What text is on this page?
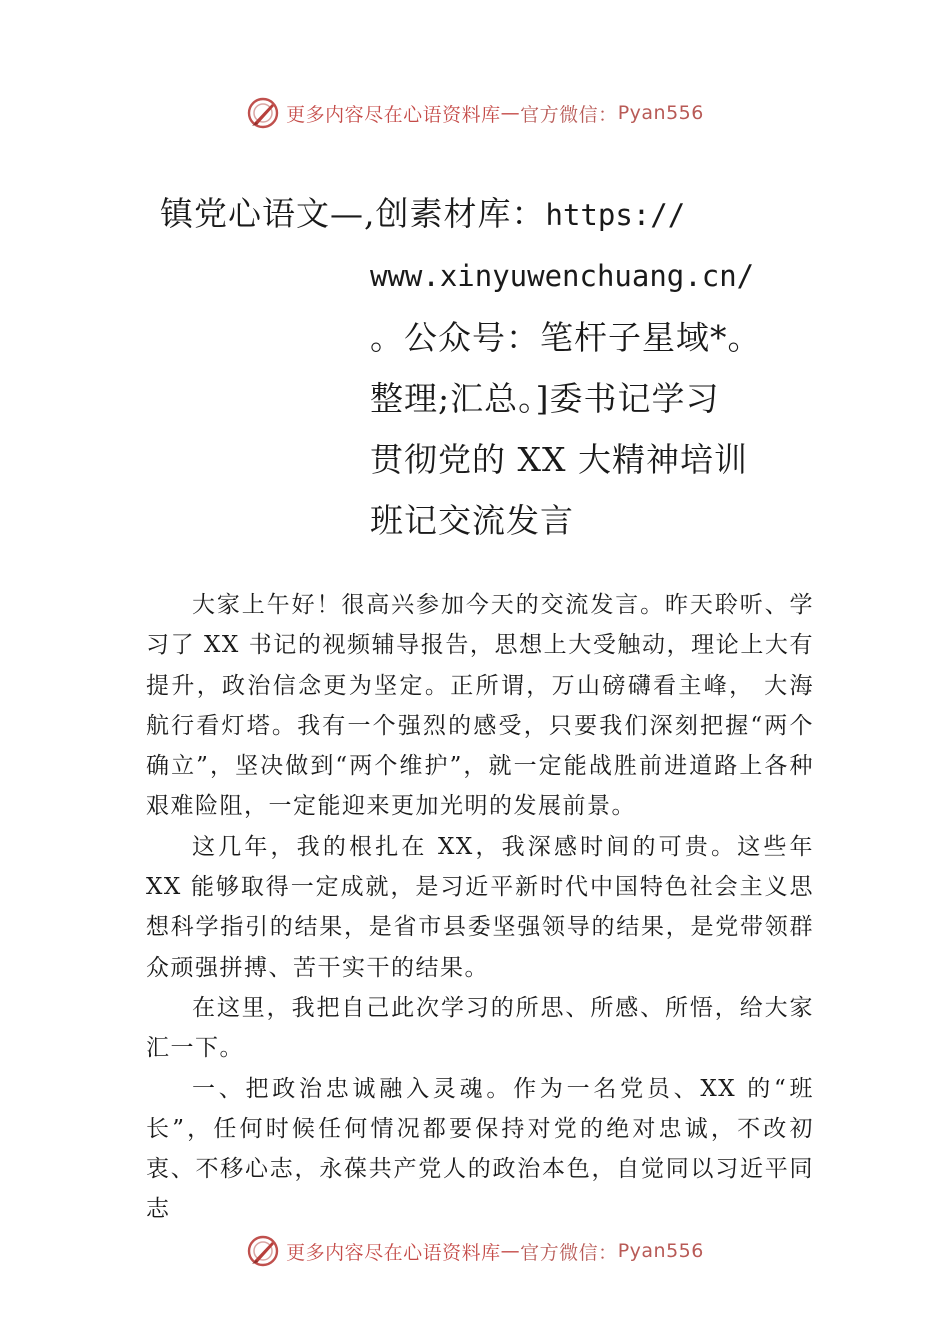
更多内容尽在心语资料库 — 官方微信： Pyan556
镇党心语文—,创素材库：https://
www.xinyuwenchuang.cn/
。公众号：笔杆子星域*。
整理;汇总。]委书记学习
贯彻党的 XX 大精神培训
班记交流发言

大家上午好！很高兴参加今天的交流发言。昨天聆听、学习了 XX 书记的视频辅导报告，思想上大受触动，理论上大有提升，政治信念更为坚定。正所谓，万山磅礴看主峰， 大海航行看灯塔。我有一个强烈的感受，只要我们深刻把握“两个确立”，坚决做到“两个维护”，就一定能战胜前进道路上各种艰难险阻，一定能迎来更加光明的发展前景。

这几年，我的根扎在 XX，我深感时间的可贵。这些年 XX 能够取得一定成就，是习近平新时代中国特色社会主义思想科学指引的结果，是省市县委坚强领导的结果，是党带领群众顽强拼搏、苦干实干的结果。

在这里，我把自己此次学习的所思、所感、所悟，给大家汇一下。

一、把政治忠诚融入灵魂。作为一名党员、XX 的“班长”，任何时候任何情况都要保持对党的绝对忠诚，不改初衷、不移心志，永葆共产党人的政治本色，自觉同以习近平同志

更多内容尽在心语资料库 — 官方微信： Pyan556
